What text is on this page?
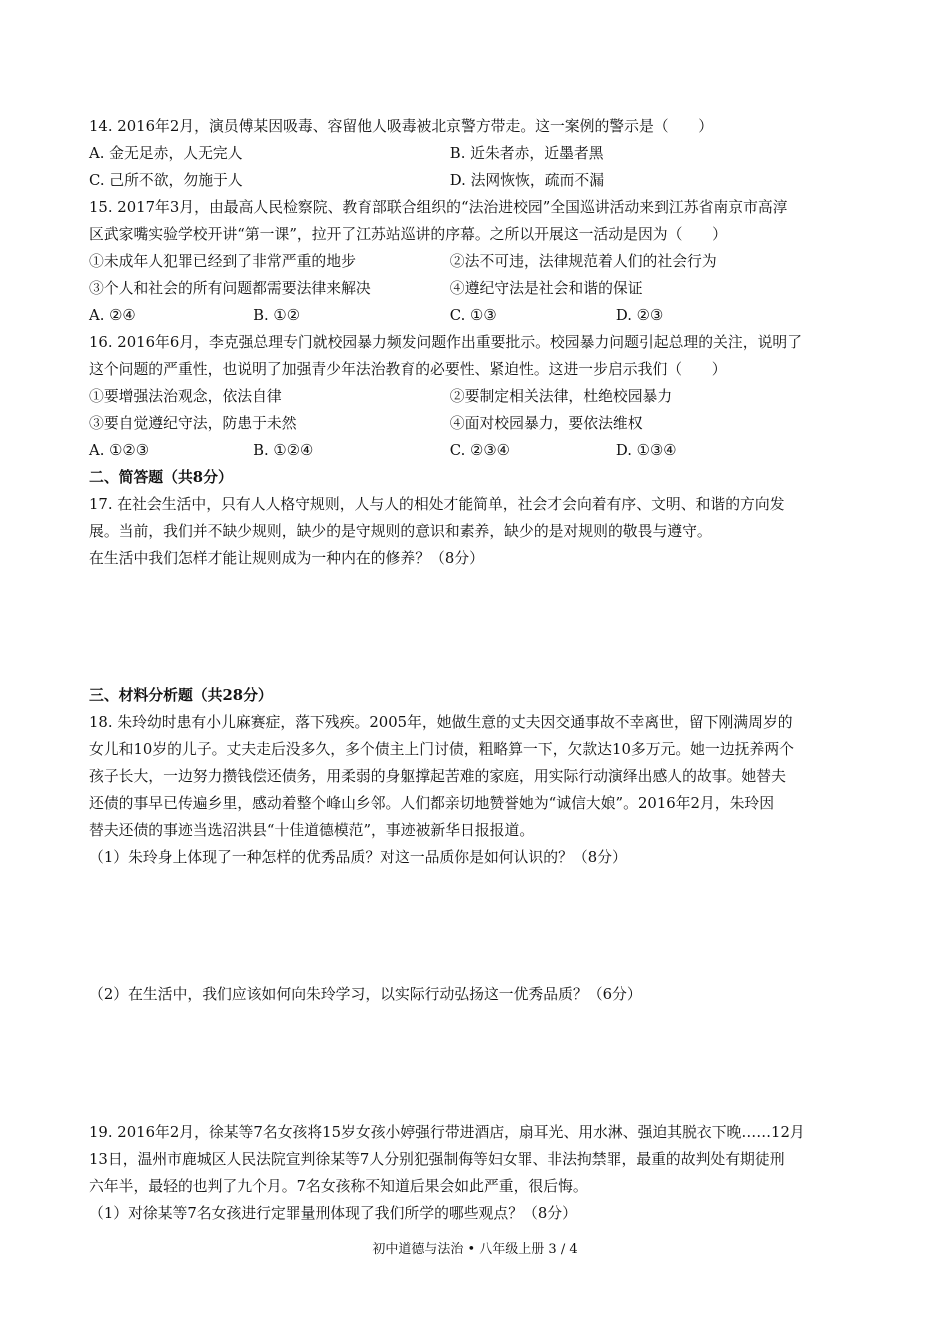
14. 2016年2月，演员傅某因吸毒、容留他人吸毒被北京警方带走。这一案例的警示是（　　）
A. 金无足赤，人无完人	B. 近朱者赤，近墨者黑
C. 己所不欲，勿施于人	D. 法网恢恢，疏而不漏
15. 2017年3月，由最高人民检察院、教育部联合组织的“法治进校园”全国巡讲活动来到江苏省南京市高淳
区武家嘴实验学校开讲“第一课”，拉开了江苏站巡讲的序幕。之所以开展这一活动是因为（　　）
①未成年人犯罪已经到了非常严重的地步	②法不可违，法律规范着人们的社会行为
③个人和社会的所有问题都需要法律来解决	④遵纪守法是社会和谐的保证
A. ②④	B. ①②	C. ①③	D. ②③
16. 2016年6月，李克强总理专门就校园暴力频发问题作出重要批示。校园暴力问题引起总理的关注，说明了
这个问题的严重性，也说明了加强青少年法治教育的必要性、紧迫性。这进一步启示我们（　　）
①要增强法治观念，依法自律	②要制定相关法律，杜绝校园暴力
③要自觉遵纪守法，防患于未然	④面对校园暴力，要依法维权
A. ①②③	B. ①②④	C. ②③④	D. ①③④
二、简答题（共8分）
17. 在社会生活中，只有人人格守规则，人与人的相处才能简单，社会才会向着有序、文明、和谐的方向发
展。当前，我们并不缺少规则，缺少的是守规则的意识和素养，缺少的是对规则的敬畏与遵守。
在生活中我们怎样才能让规则成为一种内在的修养？（8分）
三、材料分析题（共28分）
18. 朱玲幼时患有小儿麻赛症，落下残疾。2005年，她做生意的丈夫因交通事故不幸离世，留下刚满周岁的
女儿和10岁的儿子。丈夫走后没多久，多个债主上门讨债，粗略算一下，欠款达10多万元。她一边抚养两个
孩子长大，一边努力攒钱偿还债务，用柔弱的身躯撑起苦难的家庭，用实际行动演绎出感人的故事。她替夫
还债的事早已传遍乡里，感动着整个峰山乡邻。人们都亲切地赞誉她为“诚信大娘”。2016年2月，朱玲因
替夫还债的事迹当选沼洪县“十佳道德模范”，事迹被新华日报报道。
（1）朱玲身上体现了一种怎样的优秀品质？对这一品质你是如何认识的？（8分）
（2）在生活中，我们应该如何向朱玲学习，以实际行动弘扬这一优秀品质？（6分）
19. 2016年2月，徐某等7名女孩将15岁女孩小婷强行带进酒店，扇耳光、用水淋、强迫其脱衣下晚……12月
13日，温州市鹿城区人民法院宣判徐某等7人分别犯强制侮等妇女罪、非法拘禁罪，最重的故判处有期徒刑
六年半，最轻的也判了九个月。7名女孩称不知道后果会如此严重，很后悔。
（1）对徐某等7名女孩进行定罪量刑体现了我们所学的哪些观点？（8分）
初中道德与法治 • 八年级上册 3 / 4
